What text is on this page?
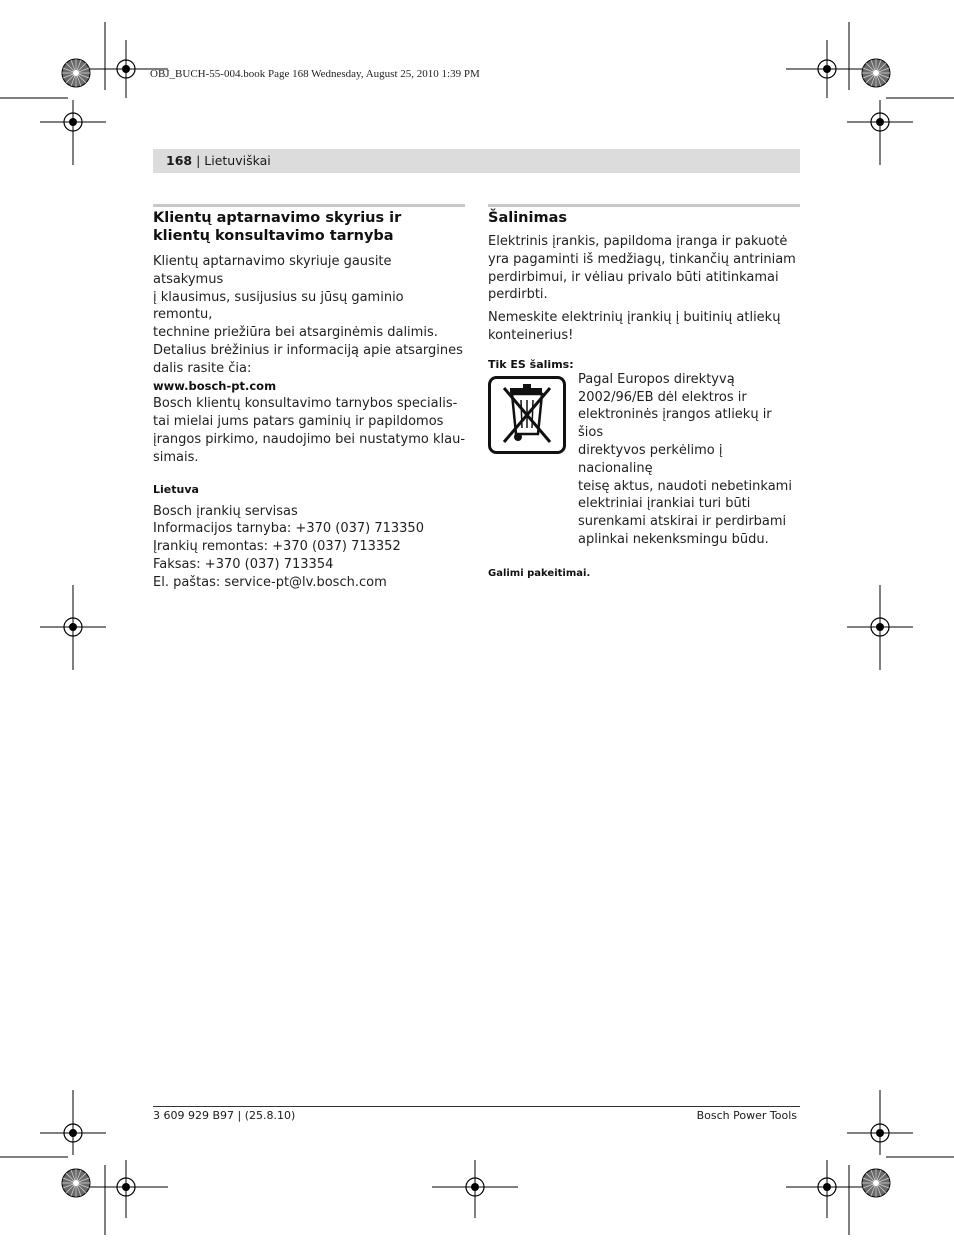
OBJ_BUCH-55-004.book Page 168 Wednesday, August 25, 2010 1:39 PM
168 | Lietuviškai
Klientų aptarnavimo skyrius ir klientų konsultavimo tarnyba

Klientų aptarnavimo skyriuje gausite atsakymus

į klausimus, susijusius su jūsų gaminio remontu,

technine priežiūra bei atsarginėmis dalimis.

Detalius brėžinius ir informaciją apie atsargines

dalis rasite čia:

www.bosch-pt.com

Bosch klientų konsultavimo tarnybos specialis-

tai mielai jums patars gaminių ir papildomos

įrangos pirkimo, naudojimo bei nustatymo klau-

simais.

Lietuva

Bosch įrankių servisas

Informacijos tarnyba: +370 (037) 713350

Įrankių remontas: +370 (037) 713352

Faksas: +370 (037) 713354

El. paštas: service-pt@lv.bosch.com

Šalinimas

Elektrinis įrankis, papildoma įranga ir pakuotė

yra pagaminti iš medžiagų, tinkančių antriniam

perdirbimui, ir vėliau privalo būti atitinkamai

perdirbti.

Nemeskite elektrinių įrankių į buitinių atliekų

konteinerius!

Tik ES šalims:

Pagal Europos direktyvą

2002/96/EB dėl elektros ir

elektroninės įrangos atliekų ir šios

direktyvos perkėlimo į nacionalinę

teisę aktus, naudoti nebetinkami

elektriniai įrankiai turi būti

surenkami atskirai ir perdirbami

aplinkai nekenksmingu būdu.

Galimi pakeitimai.
3 609 929 B97 | (25.8.10)	Bosch Power Tools
